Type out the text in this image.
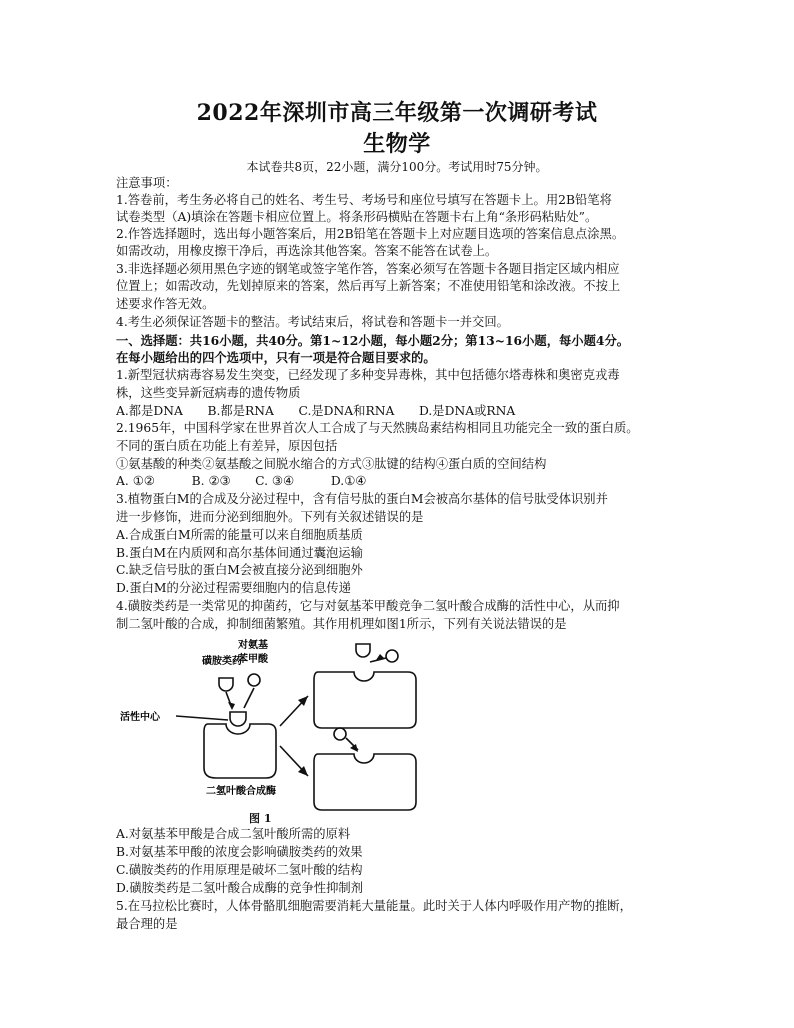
2022年深圳市高三年级第一次调研考试
生物学
本试卷共8页，22小题，满分100分。考试用时75分钟。
注意事项：
1.答卷前，考生务必将自己的姓名、考生号、考场号和座位号填写在答题卡上。用2B铅笔将
试卷类型（A)填涂在答题卡相应位置上。将条形码横贴在答题卡右上角“条形码粘贴处”。
2.作答选择题时，选出每小题答案后，用2B铅笔在答题卡上对应题目选项的答案信息点涂黑。
如需改动，用橡皮擦干净后，再选涂其他答案。答案不能答在试卷上。
3.非选择题必须用黑色字迹的钢笔或签字笔作答，答案必须写在答题卡各题目指定区域内相应
位置上；如需改动，先划掉原来的答案，然后再写上新答案；不准使用铅笔和涂改液。不按上
述要求作答无效。
4.考生必须保证答题卡的整洁。考试结束后，将试卷和答题卡一并交回。
一、选择题：共16小题，共40分。第1~12小题，每小题2分；第13~16小题，每小题4分。
在每小题给出的四个选项中，只有一项是符合题目要求的。
1.新型冠状病毒容易发生突变，已经发现了多种变异毒株，其中包括德尔塔毒株和奥密克戎毒
株，这些变异新冠病毒的遗传物质
A.都是DNA　　B.都是RNA　　C.是DNA和RNA　　D.是DNA或RNA
2.1965年，中国科学家在世界首次人工合成了与天然胰岛素结构相同且功能完全一致的蛋白质。
不同的蛋白质在功能上有差异，原因包括
①氨基酸的种类②氨基酸之间脱水缩合的方式③肽键的结构④蛋白质的空间结构
A. ①②　　　B. ②③　　C. ③④　　　D.①④
3.植物蛋白M的合成及分泌过程中，含有信号肽的蛋白M会被高尔基体的信号肽受体识别并
进一步修饰，进而分泌到细胞外。下列有关叙述错误的是
A.合成蛋白M所需的能量可以来自细胞质基质
B.蛋白M在内质网和高尔基体间通过囊泡运输
C.缺乏信号肽的蛋白M会被直接分泌到细胞外
D.蛋白M的分泌过程需要细胞内的信息传递
4.磺胺类药是一类常见的抑菌药，它与对氨基苯甲酸竞争二氢叶酸合成酶的活性中心，从而抑
制二氢叶酸的合成，抑制细菌繁殖。其作用机理如图1所示，下列有关说法错误的是
磺胺类药
对氨基
苯甲酸
活性中心
二氢叶酸合成酶
图 1
A.对氨基苯甲酸是合成二氢叶酸所需的原料
B.对氨基苯甲酸的浓度会影响磺胺类药的效果
C.磺胺类药的作用原理是破坏二氢叶酸的结构
D.磺胺类药是二氢叶酸合成酶的竞争性抑制剂
5.在马拉松比赛时，人体骨骼肌细胞需要消耗大量能量。此时关于人体内呼吸作用产物的推断，
最合理的是
